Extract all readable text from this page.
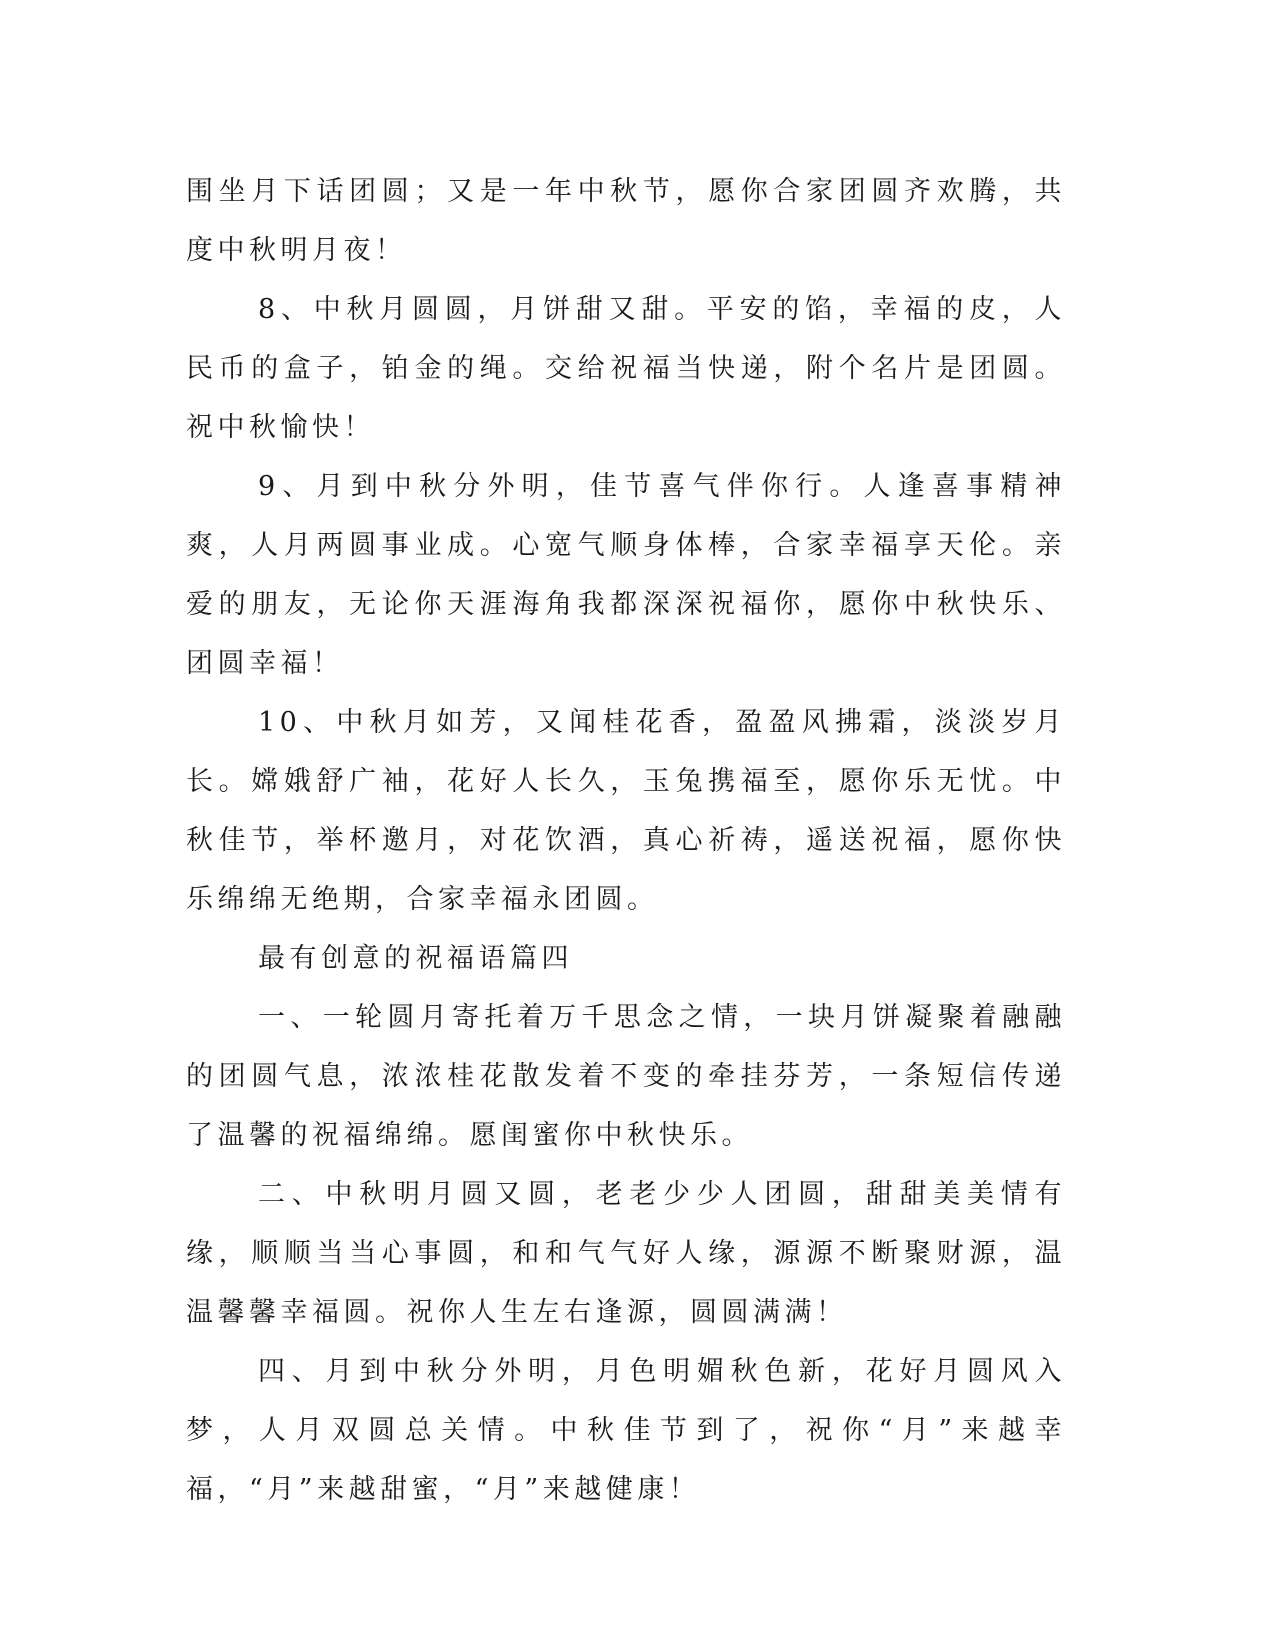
围坐月下话团圆；又是一年中秋节，愿你合家团圆齐欢腾，共度中秋明月夜！

8、中秋月圆圆，月饼甜又甜。平安的馅，幸福的皮，人民币的盒子，铂金的绳。交给祝福当快递，附个名片是团圆。祝中秋愉快！

9、月到中秋分外明，佳节喜气伴你行。人逢喜事精神爽，人月两圆事业成。心宽气顺身体棒，合家幸福享天伦。亲爱的朋友，无论你天涯海角我都深深祝福你，愿你中秋快乐、团圆幸福！

10、中秋月如芳，又闻桂花香，盈盈风拂霜，淡淡岁月长。嫦娥舒广袖，花好人长久，玉兔携福至，愿你乐无忧。中秋佳节，举杯邀月，对花饮酒，真心祈祷，遥送祝福，愿你快乐绵绵无绝期，合家幸福永团圆。

最有创意的祝福语篇四

一、一轮圆月寄托着万千思念之情，一块月饼凝聚着融融的团圆气息，浓浓桂花散发着不变的牵挂芬芳，一条短信传递了温馨的祝福绵绵。愿闺蜜你中秋快乐。

二、中秋明月圆又圆，老老少少人团圆，甜甜美美情有缘，顺顺当当心事圆，和和气气好人缘，源源不断聚财源，温温馨馨幸福圆。祝你人生左右逢源，圆圆满满！

四、月到中秋分外明，月色明媚秋色新，花好月圆风入梦，人月双圆总关情。中秋佳节到了，祝你“月”来越幸福，“月”来越甜蜜，“月”来越健康！
